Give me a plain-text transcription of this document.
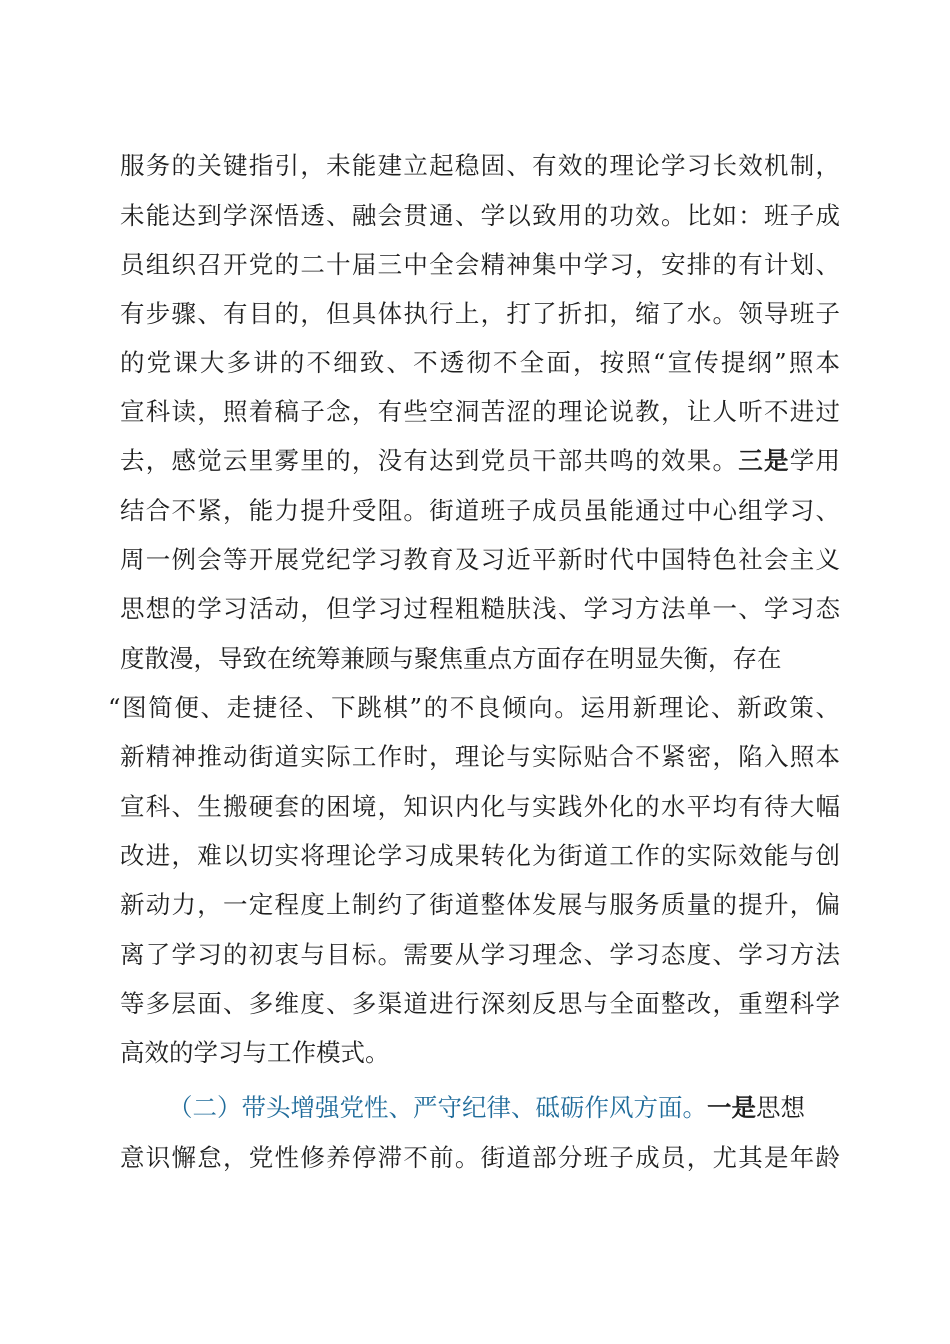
服务的关键指引，未能建立起稳固、有效的理论学习长效机制，
未能达到学深悟透、融会贯通、学以致用的功效。比如：班子成
员组织召开党的二十届三中全会精神集中学习，安排的有计划、
有步骤、有目的，但具体执行上，打了折扣，缩了水。领导班子
的党课大多讲的不细致、不透彻不全面，按照“宣传提纲”照本
宣科读，照着稿子念，有些空洞苦涩的理论说教，让人听不进过
去，感觉云里雾里的，没有达到党员干部共鸣的效果。三是学用
结合不紧，能力提升受阻。街道班子成员虽能通过中心组学习、
周一例会等开展党纪学习教育及习近平新时代中国特色社会主义
思想的学习活动，但学习过程粗糙肤浅、学习方法单一、学习态
度散漫，导致在统筹兼顾与聚焦重点方面存在明显失衡，存在
“图简便、走捷径、下跳棋”的不良倾向。运用新理论、新政策、
新精神推动街道实际工作时，理论与实际贴合不紧密，陷入照本
宣科、生搬硬套的困境，知识内化与实践外化的水平均有待大幅
改进，难以切实将理论学习成果转化为街道工作的实际效能与创
新动力，一定程度上制约了街道整体发展与服务质量的提升，偏
离了学习的初衷与目标。需要从学习理念、学习态度、学习方法
等多层面、多维度、多渠道进行深刻反思与全面整改，重塑科学
高效的学习与工作模式。
（二）带头增强党性、严守纪律、砥砺作风方面。一是思想
意识懈怠，党性修养停滞不前。街道部分班子成员，尤其是年龄
